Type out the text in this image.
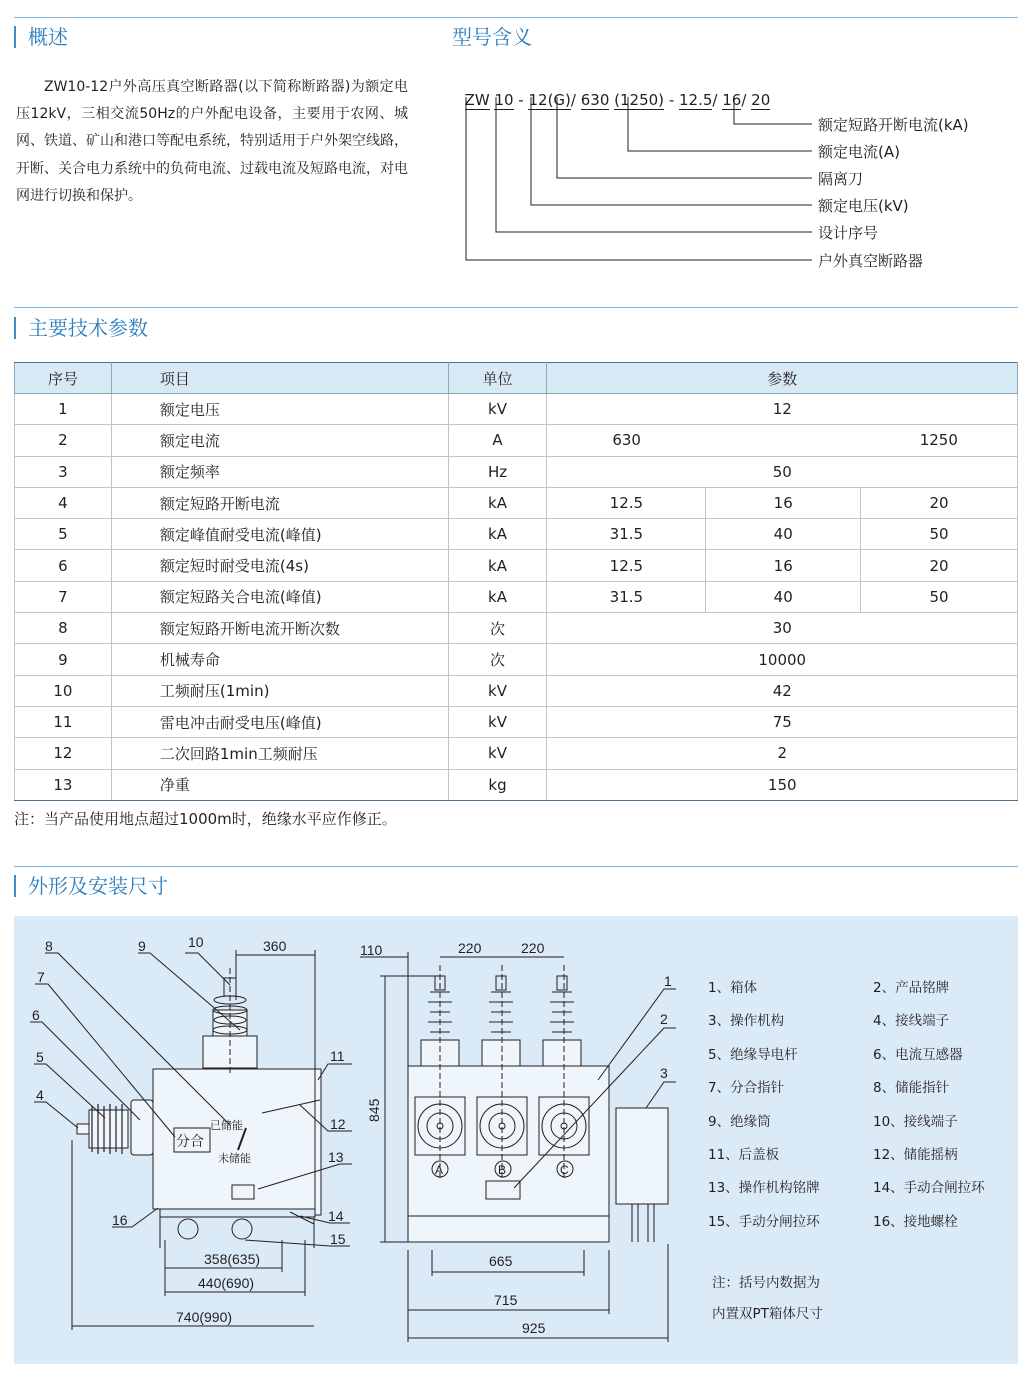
概述

ZW10-12户外高压真空断路器(以下简称断路器)为额定电压12kV，三相交流50Hz的户外配电设备，主要用于农网、城网、铁道、矿山和港口等配电系统，特别适用于户外架空线路，开断、关合电力系统中的负荷电流、过载电流及短路电流，对电网进行切换和保护。

型号含义

ZW 10 - 12(G)/ 630 (1250) - 12.5/ 16/ 20

额定短路开断电流(kA)
额定电流(A)
隔离刀
额定电压(kV)
设计序号
户外真空断路器
主要技术参数
序号	项目	单位	参数		
1	额定电压	kV	12		
2	额定电流	A	630		1250
3	额定频率	Hz	50		
4	额定短路开断电流	kA	12.5	16	20
5	额定峰值耐受电流(峰值)	kA	31.5	40	50
6	额定短时耐受电流(4s)	kA	12.5	16	20
7	额定短路关合电流(峰值)	kA	31.5	40	50
8	额定短路开断电流开断次数	次	30		
9	机械寿命	次	10000		
10	工频耐压(1min)	kV	42		
11	雷电冲击耐受电压(峰值)	kV	75		
12	二次回路1min工频耐压	kV	2		
13	净重	kg	150		
注：当产品使用地点超过1000m时，绝缘水平应作修正。
外形及安装尺寸
8	9	10
7
6
5
4
11
12
13
14
15
16
360
358(635)
440(690)
740(990)
分合
已储能
未储能
1
2
3
110	220	220
845
665
715
925
A	B	C
1、箱体	2、产品铭牌
3、操作机构	4、接线端子
5、绝缘导电杆	6、电流互感器
7、分合指针	8、储能指针
9、绝缘筒	10、接线端子
11、后盖板	12、储能摇柄
13、操作机构铭牌	14、手动合闸拉环
15、手动分闸拉环	16、接地螺栓
注：括号内数据为
内置双PT箱体尺寸
